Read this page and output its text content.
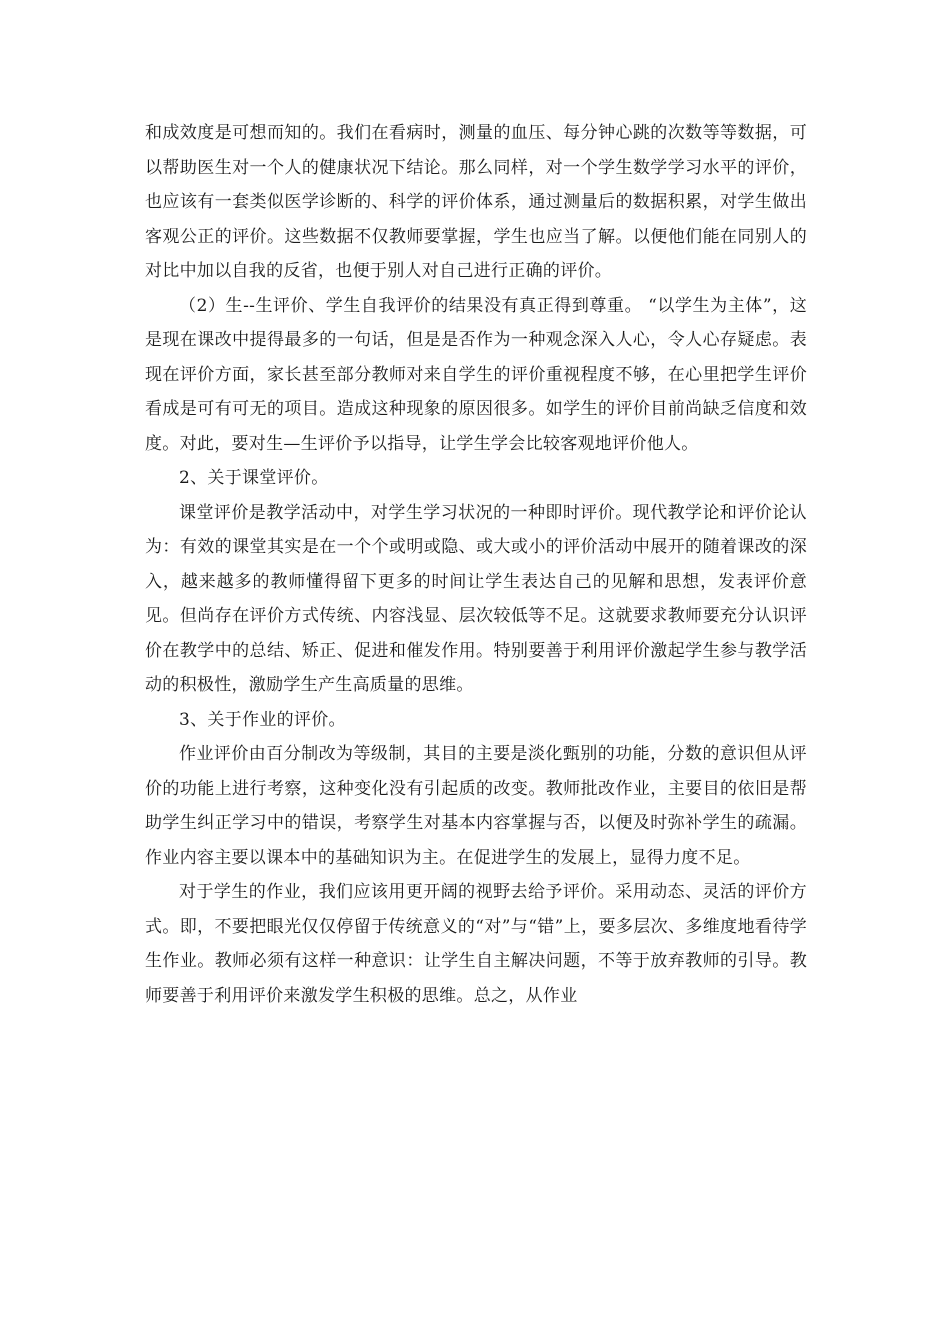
和成效度是可想而知的。我们在看病时，测量的血压、每分钟心跳的次数等等数据，可以帮助医生对一个人的健康状况下结论。那么同样，对一个学生数学学习水平的评价，也应该有一套类似医学诊断的、科学的评价体系，通过测量后的数据积累，对学生做出客观公正的评价。这些数据不仅教师要掌握，学生也应当了解。以便他们能在同别人的对比中加以自我的反省，也便于别人对自己进行正确的评价。

（2）生--生评价、学生自我评价的结果没有真正得到尊重。 “以学生为主体”，这是现在课改中提得最多的一句话，但是是否作为一种观念深入人心，令人心存疑虑。表现在评价方面，家长甚至部分教师对来自学生的评价重视程度不够，在心里把学生评价看成是可有可无的项目。造成这种现象的原因很多。如学生的评价目前尚缺乏信度和效度。对此，要对生—生评价予以指导，让学生学会比较客观地评价他人。

2、关于课堂评价。

课堂评价是教学活动中，对学生学习状况的一种即时评价。现代教学论和评价论认为：有效的课堂其实是在一个个或明或隐、或大或小的评价活动中展开的随着课改的深入，越来越多的教师懂得留下更多的时间让学生表达自己的见解和思想，发表评价意见。但尚存在评价方式传统、内容浅显、层次较低等不足。这就要求教师要充分认识评价在教学中的总结、矫正、促进和催发作用。特别要善于利用评价激起学生参与教学活动的积极性，激励学生产生高质量的思维。

3、关于作业的评价。

作业评价由百分制改为等级制，其目的主要是淡化甄别的功能，分数的意识但从评价的功能上进行考察，这种变化没有引起质的改变。教师批改作业，主要目的依旧是帮助学生纠正学习中的错误，考察学生对基本内容掌握与否，以便及时弥补学生的疏漏。作业内容主要以课本中的基础知识为主。在促进学生的发展上，显得力度不足。

对于学生的作业，我们应该用更开阔的视野去给予评价。采用动态、灵活的评价方式。即，不要把眼光仅仅停留于传统意义的“对”与“错”上，要多层次、多维度地看待学生作业。教师必须有这样一种意识：让学生自主解决问题，不等于放弃教师的引导。教师要善于利用评价来激发学生积极的思维。总之，从作业
